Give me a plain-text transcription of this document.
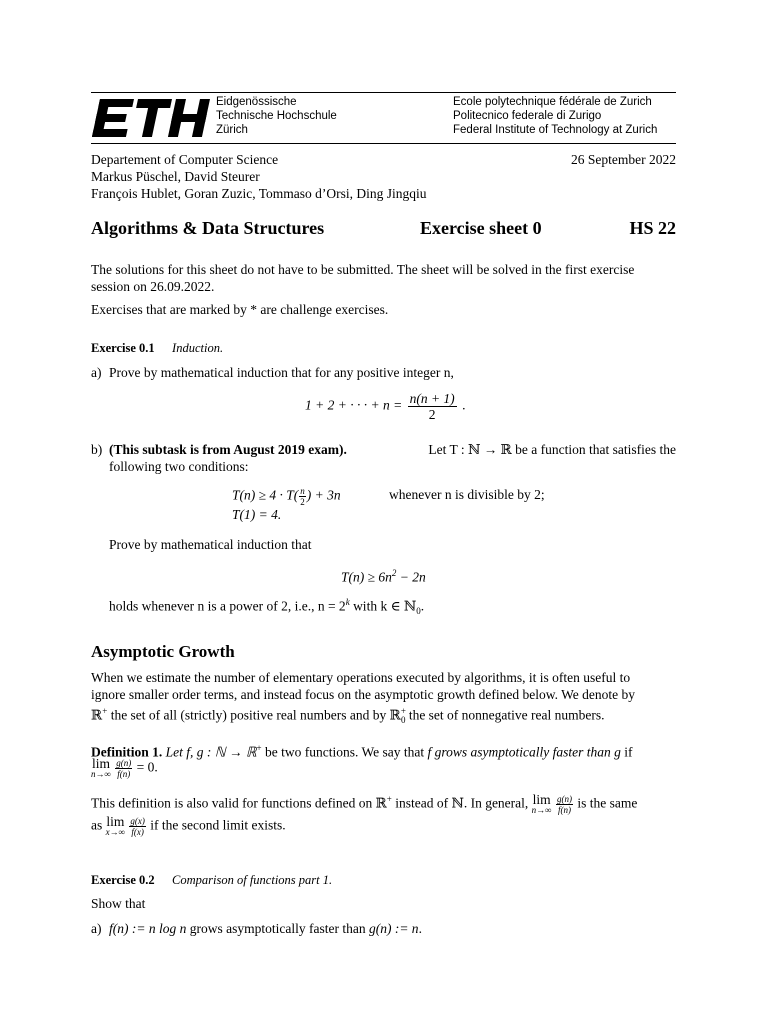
Eidgenössische
Technische Hochschule
Zürich
Ecole polytechnique fédérale de Zurich
Politecnico federale di Zurigo
Federal Institute of Technology at Zurich
Departement of Computer Science	26 September 2022
Markus Püschel, David Steurer
François Hublet, Goran Zuzic, Tommaso d’Orsi, Ding Jingqiu
Algorithms & Data Structures	Exercise sheet 0	HS 22
The solutions for this sheet do not have to be submitted. The sheet will be solved in the first exercise
session on 26.09.2022.
Exercises that are marked by * are challenge exercises.
Exercise 0.1 Induction.
a) Prove by mathematical induction that for any positive integer n,
1 + 2 + · · · + $n = \frac{n(n + 1)}{2}$ .
b) (This subtask is from August 2019 exam).	Let T : ℕ → ℝ be a function that satisfies the
following two conditions:
$T(n) \ge 4 \cdot T( \frac{n}{2}$ ) + 3n	whenever n is divisible by 2;
T(1) = 4.
Prove by mathematical induction that
$T(n) \ge 6n^2 - 2n$
holds whenever n is a power of 2, i.e., $n = 2^k$ with k ∈ ℕ$_0$.
Asymptotic Growth
When we estimate the number of elementary operations executed by algorithms, it is often useful to
ignore smaller order terms, and instead focus on the asymptotic growth defined below. We denote by
ℝ+ the set of all (strictly) positive real numbers and by ℝ+$_0$ the set of nonnegative real numbers.
Definition 1. Let f, g : ℕ → ℝ+ be two functions. We say that f grows asymptotically faster than g if
lim
n→∞
$\frac{g(n)}{f(n)} = 0$.
This definition is also valid for functions defined on ℝ+ instead of ℕ. In general, lim
n→∞
$\frac{g(n)}{f(n)}$ is the same
as lim
x→∞
$\frac{g(x)}{f(x)}$ if the second limit exists.
Exercise 0.2 Comparison of functions part 1.
Show that
a) f(n) := n log n grows asymptotically faster than g(n) := n.
